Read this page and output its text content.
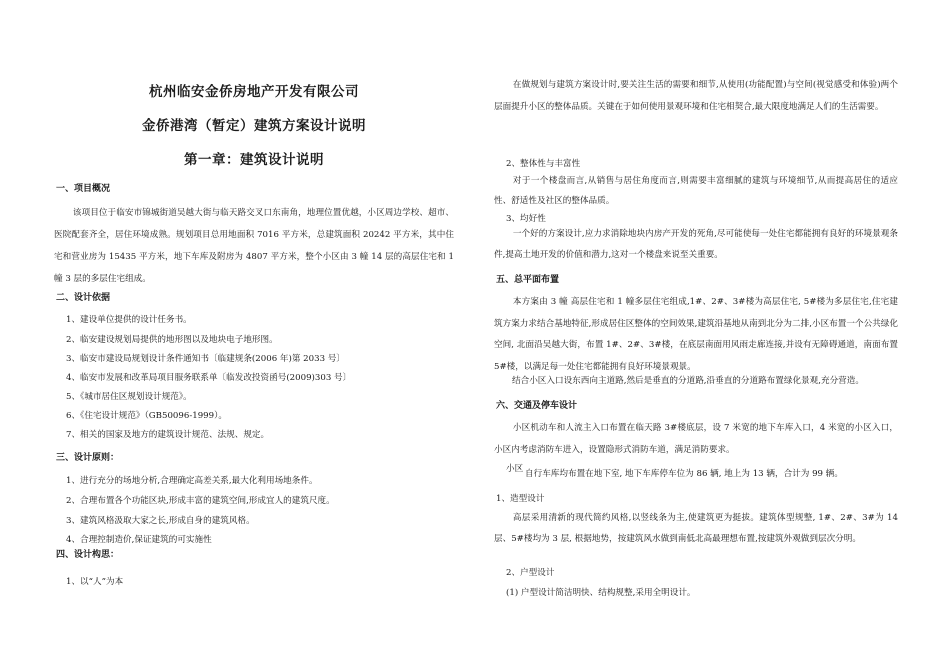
杭州临安金侨房地产开发有限公司
金侨港湾（暂定）建筑方案设计说明
第一章：建筑设计说明
一、项目概况
该项目位于临安市锦城街道吴越大街与临天路交叉口东南角，地理位置优越，小区周边学校、超市、医院配套齐全，居住环境成熟。规划项目总用地面积 7016 平方米，总建筑面积 20242 平方米，其中住宅和营业房为 15435 平方米，地下车库及附房为 4807 平方米，整个小区由 3 幢 14 层的高层住宅和 1 幢 3 层的多层住宅组成。
二、设计依据
1、建设单位提供的设计任务书。
2、临安建设规划局提供的地形图以及地块电子地形图。
3、临安市建设局规划设计条件通知书〔临建规条(2006 年)第 2033 号〕
4、临安市发展和改革局项目服务联系单〔临发改投资函号(2009)303 号〕
5、《城市居住区规划设计规范》。
6、《住宅设计规范》（GB50096-1999）。
7、相关的国家及地方的建筑设计规范、法规、规定。
三、设计原则：
1、进行充分的场地分析,合理确定高差关系,最大化利用场地条件。
2、合理布置各个功能区块,形成丰富的建筑空间,形成宜人的建筑尺度。
3、建筑风格汲取大家之长,形成自身的建筑风格。
4、合理控制造价,保证建筑的可实施性
四、设计构思：
1、以“人”为本
在做规划与建筑方案设计时,要关注生活的需要和细节,从使用(功能配置)与空间(视觉感受和体验)两个层面提升小区的整体品质。关键在于如何使用景观环境和住宅相契合,最大限度地满足人们的生活需要。
2、整体性与丰富性
对于一个楼盘而言,从销售与居住角度而言,则需要丰富细腻的建筑与环境细节,从而提高居住的适应性、舒适性及社区的整体品质。
3、均好性
一个好的方案设计,应力求消除地块内房产开发的死角,尽可能使每一处住宅都能拥有良好的环境景观条件,提高土地开发的价值和潜力,这对一个楼盘来说至关重要。
五、总平面布置
本方案由 3 幢 高层住宅和 1 幢多层住宅组成,1#、2#、3#楼为高层住宅, 5#楼为多层住宅,住宅建筑方案力求结合基地特征,形成居住区整体的空间效果,建筑沿基地从南到北分为二排,小区布置一个公共绿化空间, 北面沿吴越大街，布置 1#、2#、3#楼，在底层南面用风雨走廊连接,并设有无障碍通道，南面布置 5#楼，以满足每一处住宅都能拥有良好环境景观景。
结合小区入口设东西向主道路,然后是垂直的分道路,沿垂直的分道路布置绿化景观,充分营造。
六、交通及停车设计
小区机动车和人流主入口布置在临天路 3#楼底层，设 7 米宽的地下车库入口，4 米宽的小区入口，小区内考虑消防车进入，设置隐形式消防车道，满足消防要求。
小区 自行车库均布置在地下室, 地下车库停车位为 86 辆, 地上为 13 辆，合计为 99 辆。
1、造型设计
高层采用清新的现代简约风格,以竖线条为主,使建筑更为挺拔。建筑体型规整, 1#、2#、3#为 14 层、5#楼均为 3 层, 根据地势，按建筑风水做到南低北高最理想布置,按建筑外观做到层次分明。
2、户型设计
(1) 户型设计简洁明快、结构规整,采用全明设计。
